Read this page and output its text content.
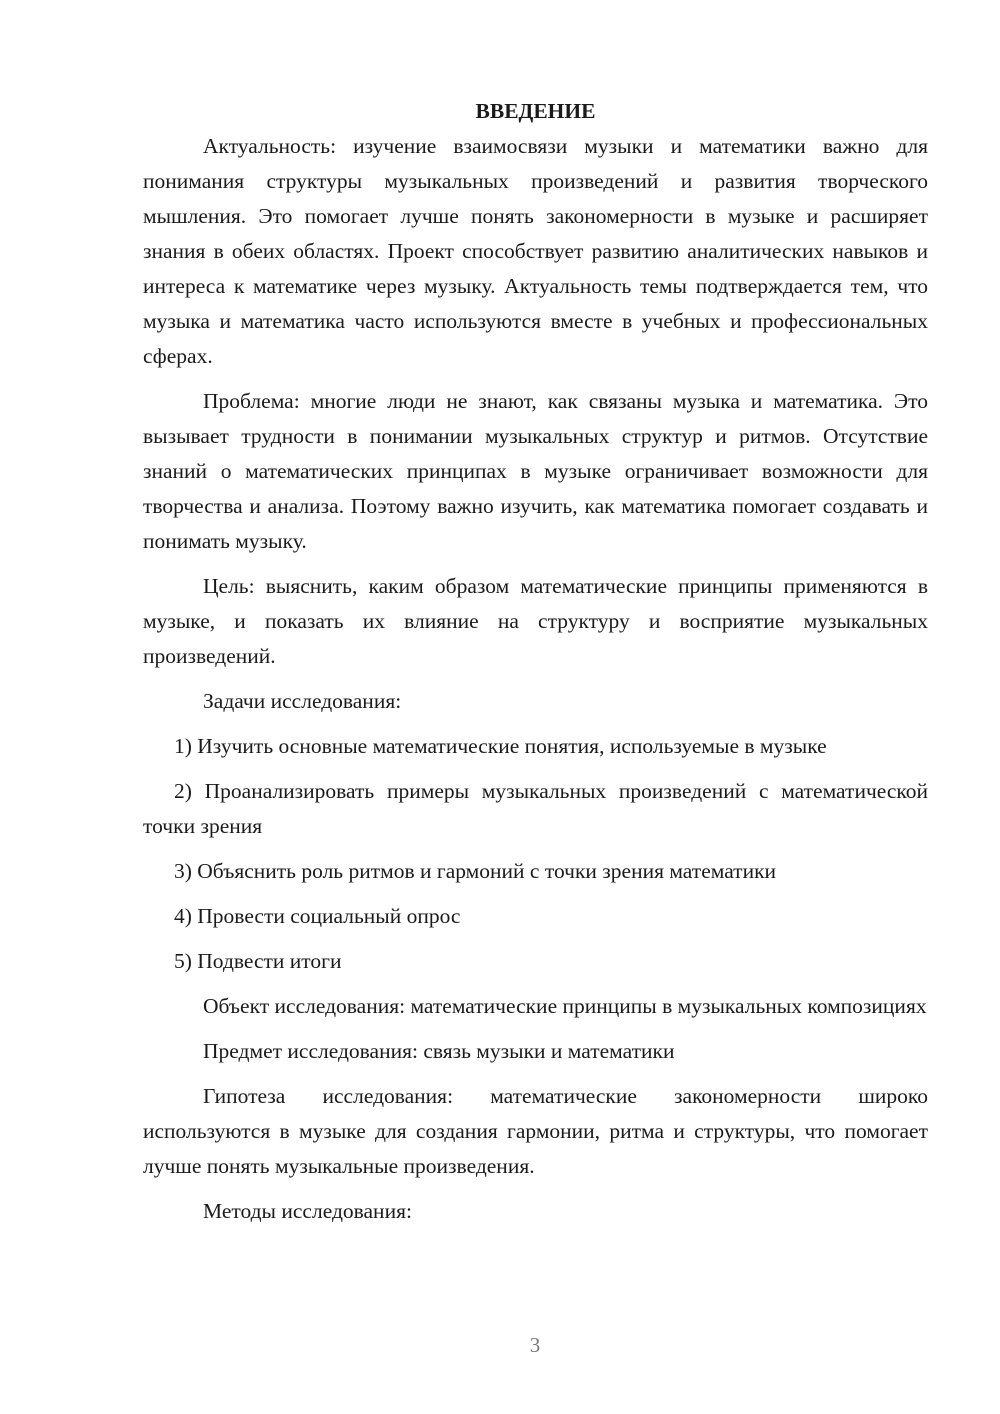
ВВЕДЕНИЕ

Актуальность: изучение взаимосвязи музыки и математики важно для понимания структуры музыкальных произведений и развития творческого мышления. Это помогает лучше понять закономерности в музыке и расширяет знания в обеих областях. Проект способствует развитию аналитических навыков и интереса к математике через музыку. Актуальность темы подтверждается тем, что музыка и математика часто используются вместе в учебных и профессиональных сферах.

Проблема: многие люди не знают, как связаны музыка и математика. Это вызывает трудности в понимании музыкальных структур и ритмов. Отсутствие знаний о математических принципах в музыке ограничивает возможности для творчества и анализа. Поэтому важно изучить, как математика помогает создавать и понимать музыку.

Цель: выяснить, каким образом математические принципы применяются в музыке, и показать их влияние на структуру и восприятие музыкальных произведений.

Задачи исследования:

1) Изучить основные математические понятия, используемые в музыке

2) Проанализировать примеры музыкальных произведений с математической точки зрения

3) Объяснить роль ритмов и гармоний с точки зрения математики

4) Провести социальный опрос

5) Подвести итоги

Объект исследования: математические принципы в музыкальных композициях

Предмет исследования: связь музыки и математики

Гипотеза исследования: математические закономерности широко используются в музыке для создания гармонии, ритма и структуры, что помогает лучше понять музыкальные произведения.

Методы исследования:

3
